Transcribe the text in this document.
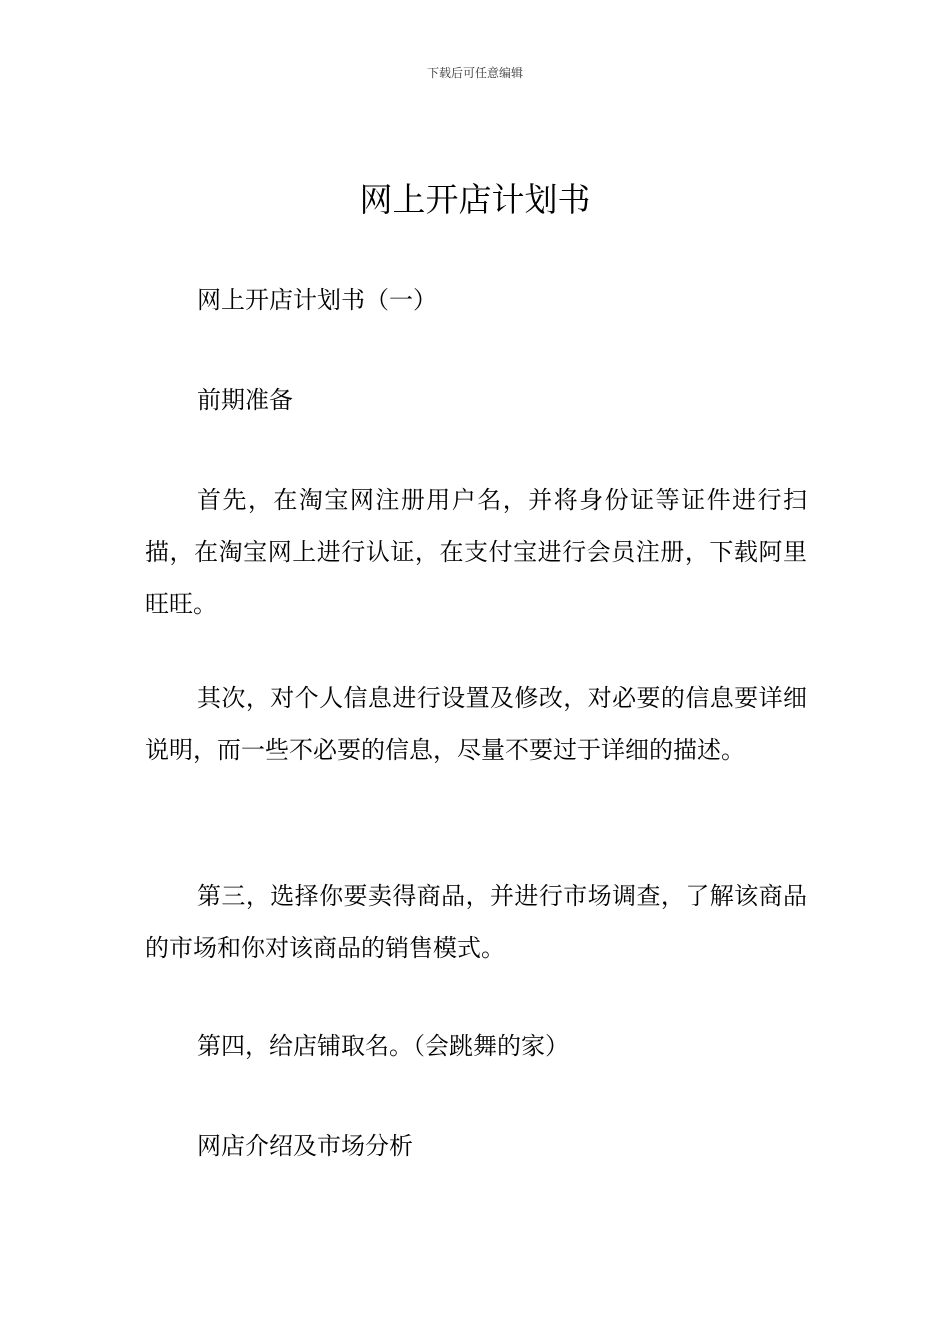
下载后可任意编辑
网上开店计划书

网上开店计划书（一）

前期准备

首先，在淘宝网注册用户名，并将身份证等证件进行扫描，在淘宝网上进行认证，在支付宝进行会员注册，下载阿里旺旺。

其次，对个人信息进行设置及修改，对必要的信息要详细说明，而一些不必要的信息，尽量不要过于详细的描述。

第三，选择你要卖得商品，并进行市场调查，了解该商品的市场和你对该商品的销售模式。

第四，给店铺取名。（会跳舞的家）

网店介绍及市场分析
